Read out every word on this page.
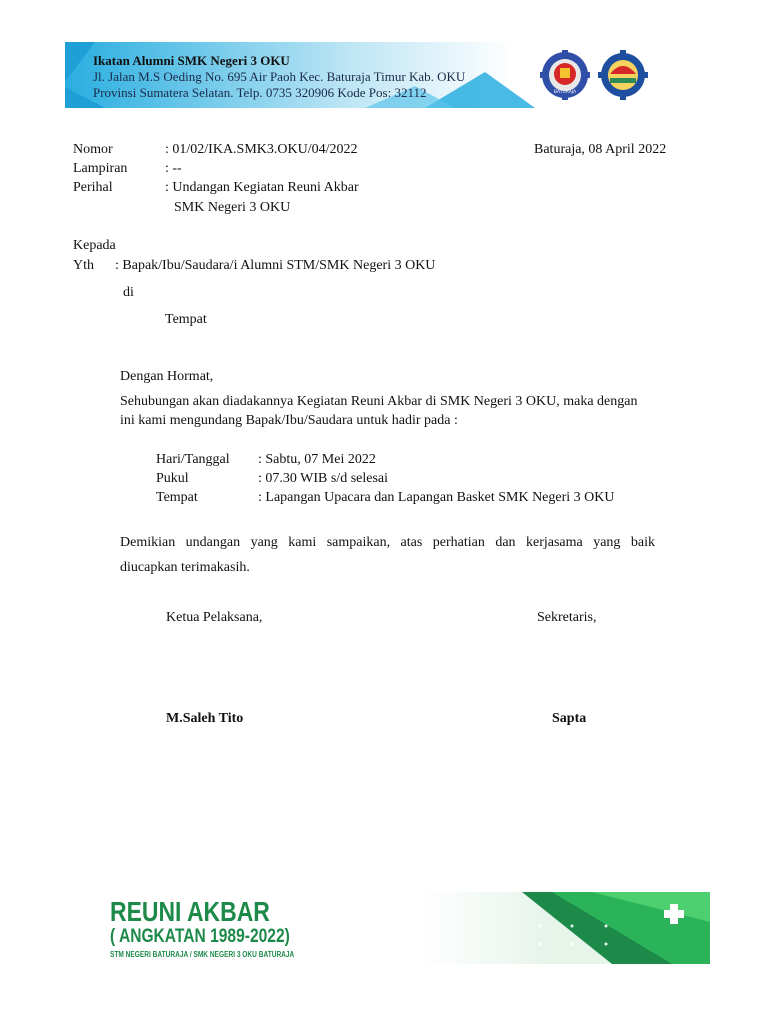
Ikatan Alumni SMK Negeri 3 OKU
Jl. Jalan M.S Oeding No. 695 Air Paoh Kec. Baturaja Timur Kab. OKU
Provinsi Sumatera Selatan. Telp. 0735 320906 Kode Pos: 32112	BATURAJA
Nomor	: 01/02/IKA.SMK3.OKU/04/2022	Baturaja, 08 April 2022
Lampiran	: --
Perihal	: Undangan Kegiatan Reuni Akbar
SMK Negeri 3 OKU
Kepada
Yth : Bapak/Ibu/Saudara/i Alumni STM/SMK Negeri 3 OKU
di
Tempat
Dengan Hormat,
Sehubungan akan diadakannya Kegiatan Reuni Akbar di SMK Negeri 3 OKU, maka dengan
ini kami mengundang Bapak/Ibu/Saudara untuk hadir pada :
Hari/Tanggal : Sabtu, 07 Mei 2022
Pukul	: 07.30 WIB s/d selesai
Tempat	: Lapangan Upacara dan Lapangan Basket SMK Negeri 3 OKU
Demikian undangan yang kami sampaikan, atas perhatian dan kerjasama yang baik
diucapkan terimakasih.
Ketua Pelaksana,	Sekretaris,
M.Saleh Tito	Sapta
REUNI AKBAR
( ANGKATAN 1989-2022)
STM NEGERI BATURAJA / SMK NEGERI 3 OKU BATURAJA
